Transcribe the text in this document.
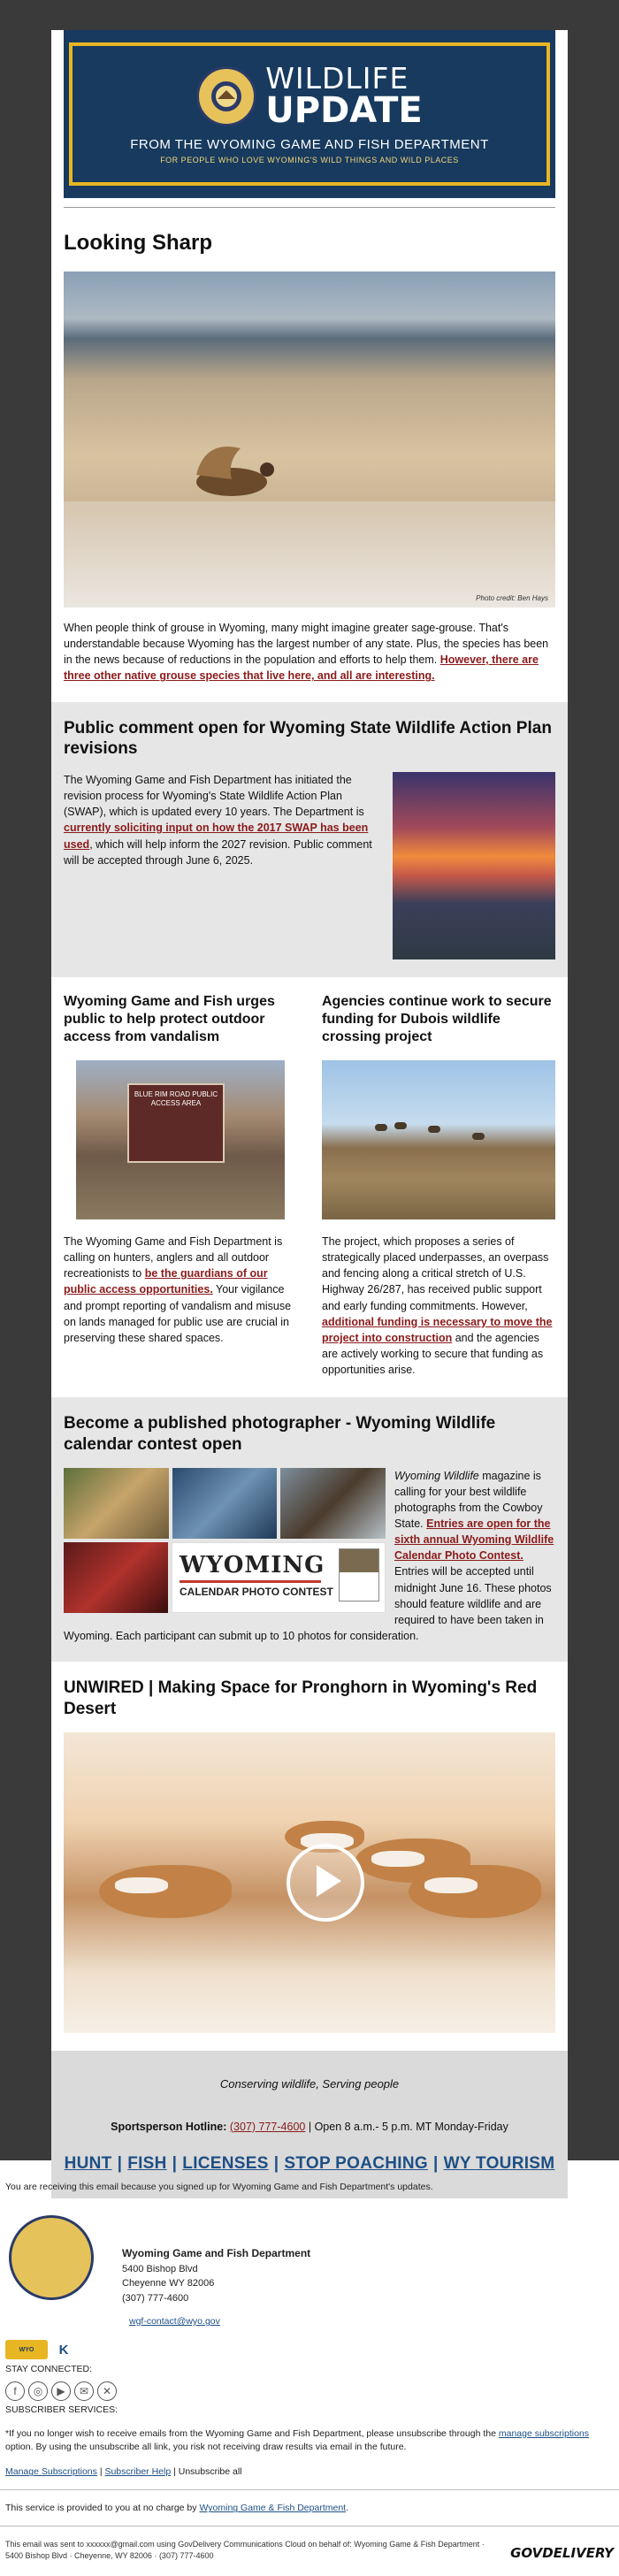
WILDLIFE
UPDATE
FROM THE WYOMING GAME AND FISH DEPARTMENT
FOR PEOPLE WHO LOVE WYOMING'S WILD THINGS AND WILD PLACES
Looking Sharp
Photo credit: Ben Hays

When people think of grouse in Wyoming, many might imagine greater sage-grouse. That's understandable because Wyoming has the largest number of any state. Plus, the species has been in the news because of reductions in the population and efforts to help them. However, there are three other native grouse species that live here, and all are interesting.

Public comment open for Wyoming State Wildlife Action Plan revisions

The Wyoming Game and Fish Department has initiated the revision process for Wyoming's State Wildlife Action Plan (SWAP), which is updated every 10 years. The Department is currently soliciting input on how the 2017 SWAP has been used, which will help inform the 2027 revision. Public comment will be accepted through June 6, 2025.

Wyoming Game and Fish urges public to help protect outdoor access from vandalism
BLUE RIM ROAD PUBLIC ACCESS AREA

The Wyoming Game and Fish Department is calling on hunters, anglers and all outdoor recreationists to be the guardians of our public access opportunities. Your vigilance and prompt reporting of vandalism and misuse on lands managed for public use are crucial in preserving these shared spaces.

Agencies continue work to secure funding for Dubois wildlife crossing project

The project, which proposes a series of strategically placed underpasses, an overpass and fencing along a critical stretch of U.S. Highway 26/287, has received public support and early funding commitments. However, additional funding is necessary to move the project into construction and the agencies are actively working to secure that funding as opportunities arise.

Become a published photographer - Wyoming Wildlife calendar contest open
WYOMING
CALENDAR PHOTO CONTEST

Wyoming Wildlife magazine is calling for your best wildlife photographs from the Cowboy State. Entries are open for the sixth annual Wyoming Wildlife Calendar Photo Contest. Entries will be accepted until midnight June 16. These photos should feature wildlife and are required to have been taken in Wyoming. Each participant can submit up to 10 photos for consideration.

UNWIRED | Making Space for Pronghorn in Wyoming's Red Desert
Conserving wildlife, Serving people
Sportsperson Hotline: (307) 777-4600 | Open 8 a.m.- 5 p.m. MT Monday-Friday
HUNT | FISH | LICENSES | STOP POACHING | WY TOURISM
You are receiving this email because you signed up for Wyoming Game and Fish Department's updates.
Wyoming Game and Fish Department
5400 Bishop Blvd
Cheyenne WY 82006
(307) 777-4600
wgf-contact@wyo.gov
WYO	K
STAY CONNECTED:
f	◎	▶	✉	✕
SUBSCRIBER SERVICES:
*If you no longer wish to receive emails from the Wyoming Game and Fish Department, please unsubscribe through the manage subscriptions option. By using the unsubscribe all link, you risk not receiving draw results via email in the future.
Manage Subscriptions | Subscriber Help | Unsubscribe all
This service is provided to you at no charge by Wyoming Game & Fish Department.
This email was sent to xxxxxx@gmail.com using GovDelivery Communications Cloud on behalf of: Wyoming Game & Fish Department · 5400 Bishop Blvd · Cheyenne, WY 82006 · (307) 777-4600	GOVDELIVERY
